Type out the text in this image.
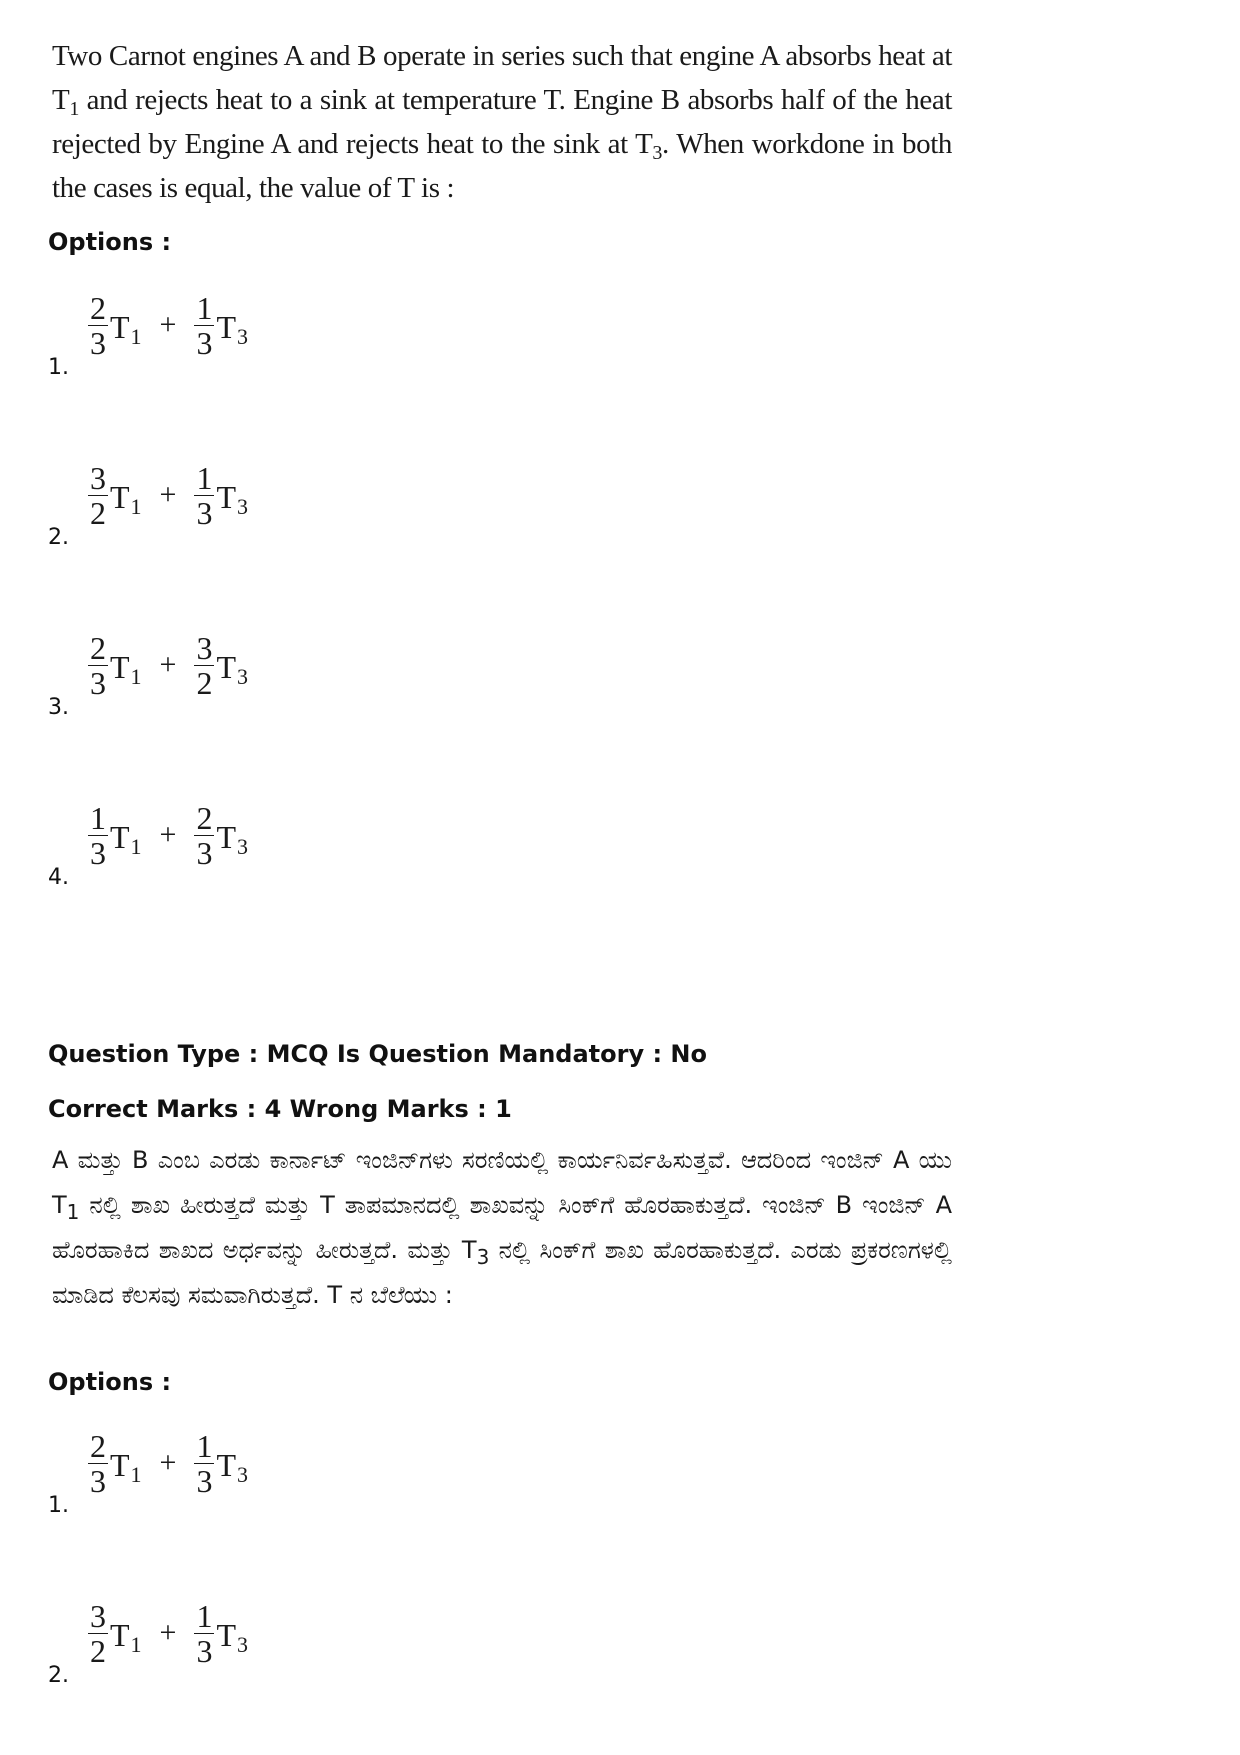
Two Carnot engines A and B operate in series such that engine A absorbs heat at $T_1$ and rejects heat to a sink at temperature T. Engine B absorbs half of the heat rejected by Engine A and rejects heat to the sink at $T_3$. When workdone in both the cases is equal, the value of T is :
Options :
1.
$\frac{2}{3}$ T $1 + \frac{1}{3}$ T 3
2.
$\frac{3}{2}$ T $1 + \frac{1}{3}$ T 3
3.
$\frac{2}{3}$ T $1 + \frac{3}{2}$ T 3
4.
$\frac{1}{3}$ T $1 + \frac{2}{3}$ T 3
Question Type : MCQ Is Question Mandatory : No
Correct Marks : 4 Wrong Marks : 1
A ಮತ್ತು B ಎಂಬ ಎರಡು ಕಾರ್ನಾಟ್ ಇಂಜಿನ್‌ಗಳು ಸರಣಿಯಲ್ಲಿ ಕಾರ್ಯನಿರ್ವಹಿಸುತ್ತವೆ. ಆದರಿಂದ ಇಂಜಿನ್ A ಯು $T_1$ ನಲ್ಲಿ ಶಾಖ ಹೀರುತ್ತದೆ ಮತ್ತು T ತಾಪಮಾನದಲ್ಲಿ ಶಾಖವನ್ನು ಸಿಂಕ್‌ಗೆ ಹೊರಹಾಕುತ್ತದೆ. ಇಂಜಿನ್ B ಇಂಜಿನ್ A ಹೊರಹಾಕಿದ ಶಾಖದ ಅರ್ಧವನ್ನು ಹೀರುತ್ತದೆ. ಮತ್ತು $T_3$ ನಲ್ಲಿ ಸಿಂಕ್‌ಗೆ ಶಾಖ ಹೊರಹಾಕುತ್ತದೆ. ಎರಡು ಪ್ರಕರಣಗಳಲ್ಲಿ ಮಾಡಿದ ಕೆಲಸವು ಸಮವಾಗಿರುತ್ತದೆ. T ನ ಬೆಲೆಯು :
Options :
1.
$\frac{2}{3}$ T $1 + \frac{1}{3}$ T 3
2.
$\frac{3}{2}$ T $1 + \frac{1}{3}$ T 3
